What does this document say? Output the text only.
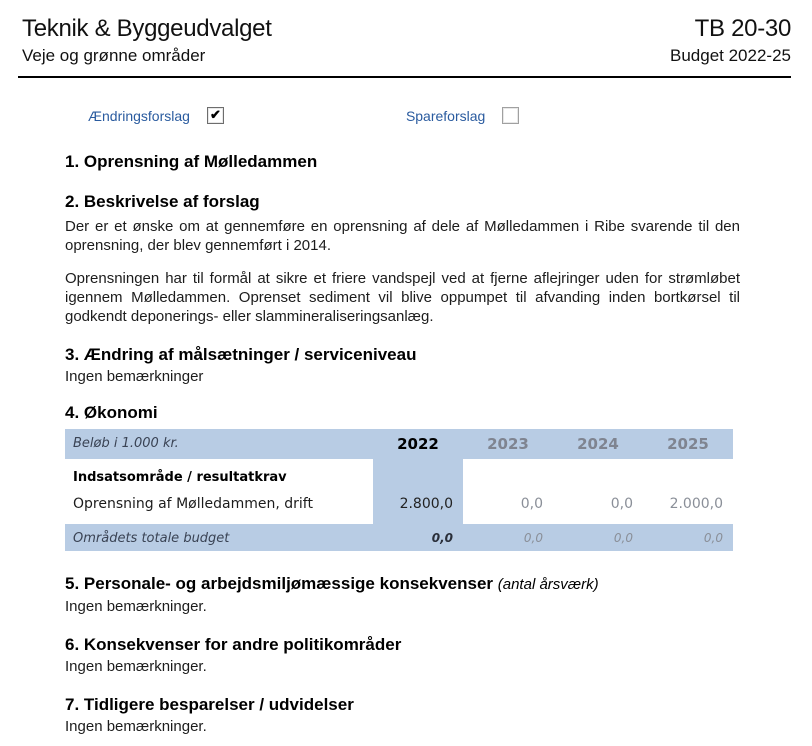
Teknik & Byggeudvalget
Veje og grønne områder
TB 20-30
Budget 2022-25
Ændringsforslag ✔	Spareforslag
1. Oprensning af Mølledammen
2. Beskrivelse af forslag

Der er et ønske om at gennemføre en oprensning af dele af Mølledammen i Ribe svarende til den oprensning, der blev gennemført i 2014.

Oprensningen har til formål at sikre et friere vandspejl ved at fjerne aflejringer uden for strømløbet igennem Mølledammen. Oprenset sediment vil blive oppumpet til afvanding inden bortkørsel til godkendt deponerings- eller slammineraliseringsanlæg.

3. Ændring af målsætninger / serviceniveau

Ingen bemærkninger

4. Økonomi
Beløb i 1.000 kr.	2022	2023	2024	2025
Indsatsområde / resultatkrav
Oprensning af Mølledammen, drift	2.800,0	0,0	0,0	2.000,0
Områdets totale budget	0,0	0,0	0,0	0,0
5. Personale- og arbejdsmiljømæssige konsekvenser (antal årsværk)

Ingen bemærkninger.

6. Konsekvenser for andre politikområder

Ingen bemærkninger.

7. Tidligere besparelser / udvidelser

Ingen bemærkninger.
